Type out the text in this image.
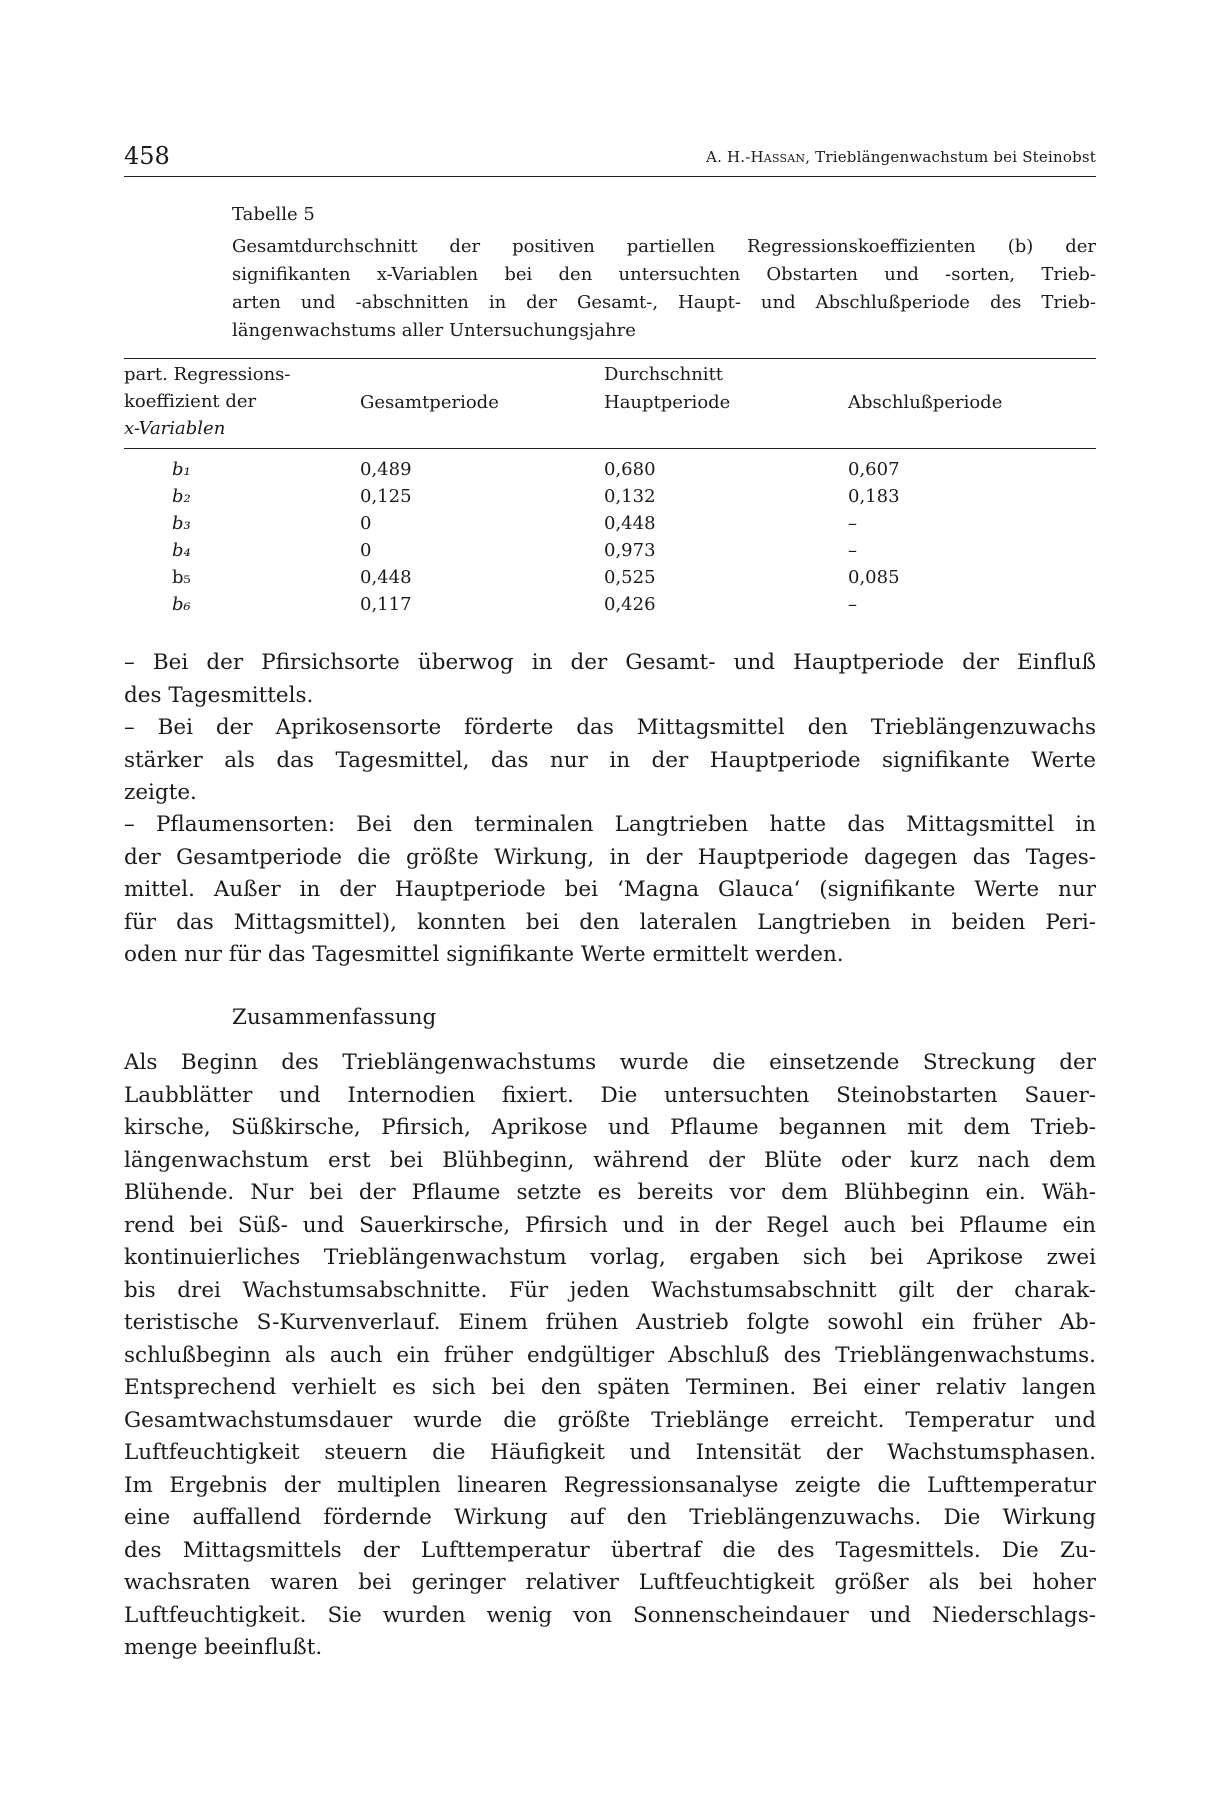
458	A. H.-Hassan, Trieblängenwachstum bei Steinobst
Tabelle 5
Gesamtdurchschnitt der positiven partiellen Regressionskoeffizienten (b) der
signifikanten x-Variablen bei den untersuchten Obstarten und -sorten, Trieb-
arten und -abschnitten in der Gesamt-, Haupt- und Abschlußperiode des Trieb-
längenwachstums aller Untersuchungsjahre
part. Regressions-
koeffizient der
x-Variablen
Durchschnitt
Gesamtperiode	Hauptperiode	Abschlußperiode
b₁	0,489	0,680	0,607
b₂	0,125	0,132	0,183
b₃	0	0,448	–
b₄	0	0,973	–
b₅	0,448	0,525	0,085
b₆	0,117	0,426	–
– Bei der Pfirsichsorte überwog in der Gesamt- und Hauptperiode der Einfluß
des Tagesmittels.
– Bei der Aprikosensorte förderte das Mittagsmittel den Trieblängenzuwachs
stärker als das Tagesmittel, das nur in der Hauptperiode signifikante Werte
zeigte.
– Pflaumensorten: Bei den terminalen Langtrieben hatte das Mittagsmittel in
der Gesamtperiode die größte Wirkung, in der Hauptperiode dagegen das Tages-
mittel. Außer in der Hauptperiode bei ‘Magna Glauca‘ (signifikante Werte nur
für das Mittagsmittel), konnten bei den lateralen Langtrieben in beiden Peri-
oden nur für das Tagesmittel signifikante Werte ermittelt werden.
Zusammenfassung
Als Beginn des Trieblängenwachstums wurde die einsetzende Streckung der
Laubblätter und Internodien fixiert. Die untersuchten Steinobstarten Sauer-
kirsche, Süßkirsche, Pfirsich, Aprikose und Pflaume begannen mit dem Trieb-
längenwachstum erst bei Blühbeginn, während der Blüte oder kurz nach dem
Blühende. Nur bei der Pflaume setzte es bereits vor dem Blühbeginn ein. Wäh-
rend bei Süß- und Sauerkirsche, Pfirsich und in der Regel auch bei Pflaume ein
kontinuierliches Trieblängenwachstum vorlag, ergaben sich bei Aprikose zwei
bis drei Wachstumsabschnitte. Für jeden Wachstumsabschnitt gilt der charak-
teristische S-Kurvenverlauf. Einem frühen Austrieb folgte sowohl ein früher Ab-
schlußbeginn als auch ein früher endgültiger Abschluß des Trieblängenwachstums.
Entsprechend verhielt es sich bei den späten Terminen. Bei einer relativ langen
Gesamtwachstumsdauer wurde die größte Trieblänge erreicht. Temperatur und
Luftfeuchtigkeit steuern die Häufigkeit und Intensität der Wachstumsphasen.
Im Ergebnis der multiplen linearen Regressionsanalyse zeigte die Lufttemperatur
eine auffallend fördernde Wirkung auf den Trieblängenzuwachs. Die Wirkung
des Mittagsmittels der Lufttemperatur übertraf die des Tagesmittels. Die Zu-
wachsraten waren bei geringer relativer Luftfeuchtigkeit größer als bei hoher
Luftfeuchtigkeit. Sie wurden wenig von Sonnenscheindauer und Niederschlags-
menge beeinflußt.
